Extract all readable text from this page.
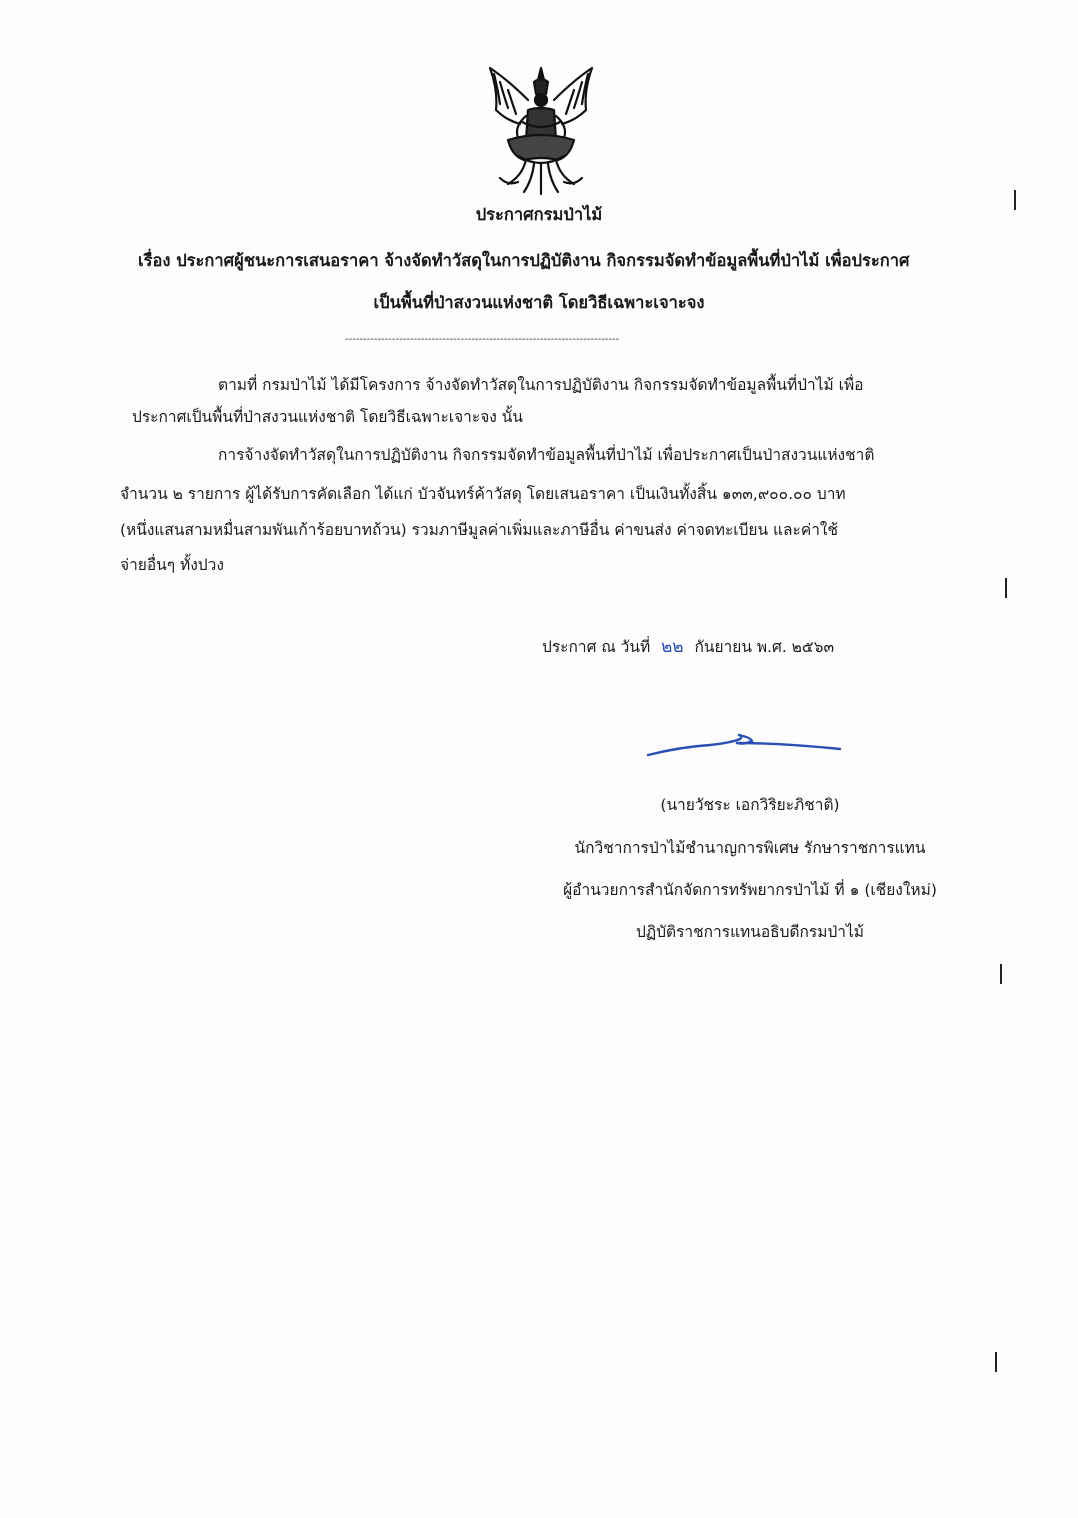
ประกาศกรมป่าไม้
เรื่อง ประกาศผู้ชนะการเสนอราคา จ้างจัดทำวัสดุในการปฏิบัติงาน กิจกรรมจัดทำข้อมูลพื้นที่ป่าไม้ เพื่อประกาศ
เป็นพื้นที่ป่าสงวนแห่งชาติ โดยวิธีเฉพาะเจาะจง
----------------------------------------------------------------------------
ตามที่ กรมป่าไม้ ได้มีโครงการ จ้างจัดทำวัสดุในการปฏิบัติงาน กิจกรรมจัดทำข้อมูลพื้นที่ป่าไม้ เพื่อ
ประกาศเป็นพื้นที่ป่าสงวนแห่งชาติ โดยวิธีเฉพาะเจาะจง นั้น
การจ้างจัดทำวัสดุในการปฏิบัติงาน กิจกรรมจัดทำข้อมูลพื้นที่ป่าไม้ เพื่อประกาศเป็นป่าสงวนแห่งชาติ
จำนวน ๒ รายการ ผู้ได้รับการคัดเลือก ได้แก่ บัวจันทร์ค้าวัสดุ โดยเสนอราคา เป็นเงินทั้งสิ้น ๑๓๓,๙๐๐.๐๐ บาท
(หนึ่งแสนสามหมื่นสามพันเก้าร้อยบาทถ้วน) รวมภาษีมูลค่าเพิ่มและภาษีอื่น ค่าขนส่ง ค่าจดทะเบียน และค่าใช้
จ่ายอื่นๆ ทั้งปวง
ประกาศ ณ วันที่ ๒๒ กันยายน พ.ศ. ๒๕๖๓
(นายวัชระ เอกวิริยะภิชาติ)
นักวิชาการป่าไม้ชำนาญการพิเศษ รักษาราชการแทน
ผู้อำนวยการสำนักจัดการทรัพยากรป่าไม้ ที่ ๑ (เชียงใหม่)
ปฏิบัติราชการแทนอธิบดีกรมป่าไม้
